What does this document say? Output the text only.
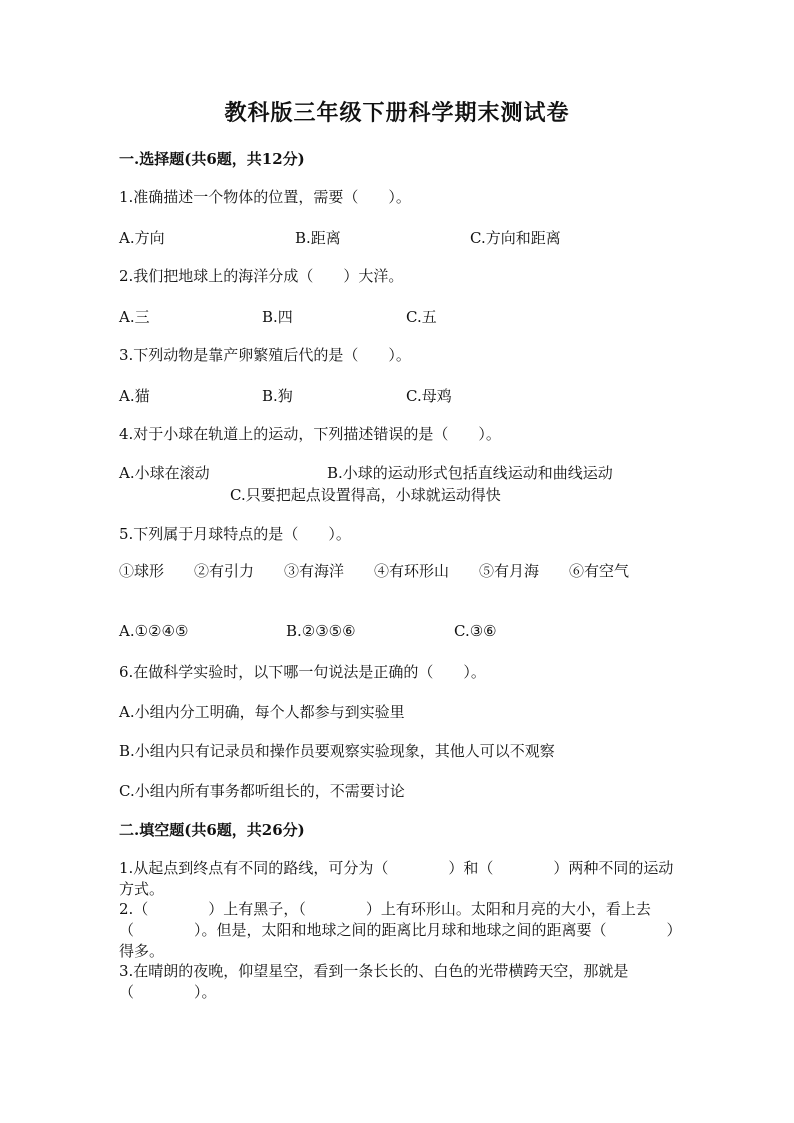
教科版三年级下册科学期末测试卷
一.选择题(共6题，共12分)
1.准确描述一个物体的位置，需要（　　）。
A.方向	B.距离	C.方向和距离
2.我们把地球上的海洋分成（　　）大洋。
A.三	B.四	C.五
3.下列动物是靠产卵繁殖后代的是（　　）。
A.猫	B.狗	C.母鸡
4.对于小球在轨道上的运动，下列描述错误的是（　　）。
A.小球在滚动	B.小球的运动形式包括直线运动和曲线运动
C.只要把起点设置得高，小球就运动得快
5.下列属于月球特点的是（　　）。
①球形　　②有引力　　③有海洋　　④有环形山　　⑤有月海　　⑥有空气
A.①②④⑤	B.②③⑤⑥	C.③⑥
6.在做科学实验时，以下哪一句说法是正确的（　　）。
A.小组内分工明确，每个人都参与到实验里
B.小组内只有记录员和操作员要观察实验现象，其他人可以不观察
C.小组内所有事务都听组长的，不需要讨论
二.填空题(共6题，共26分)
1.从起点到终点有不同的路线，可分为（　　　　）和（　　　　）两种不同的运动方式。
2.（　　　　）上有黑子，（　　　　）上有环形山。太阳和月亮的大小，看上去（　　　　）。但是，太阳和地球之间的距离比月球和地球之间的距离要（　　　　）得多。
3.在晴朗的夜晚，仰望星空，看到一条长长的、白色的光带横跨天空，那就是（　　　　）。
